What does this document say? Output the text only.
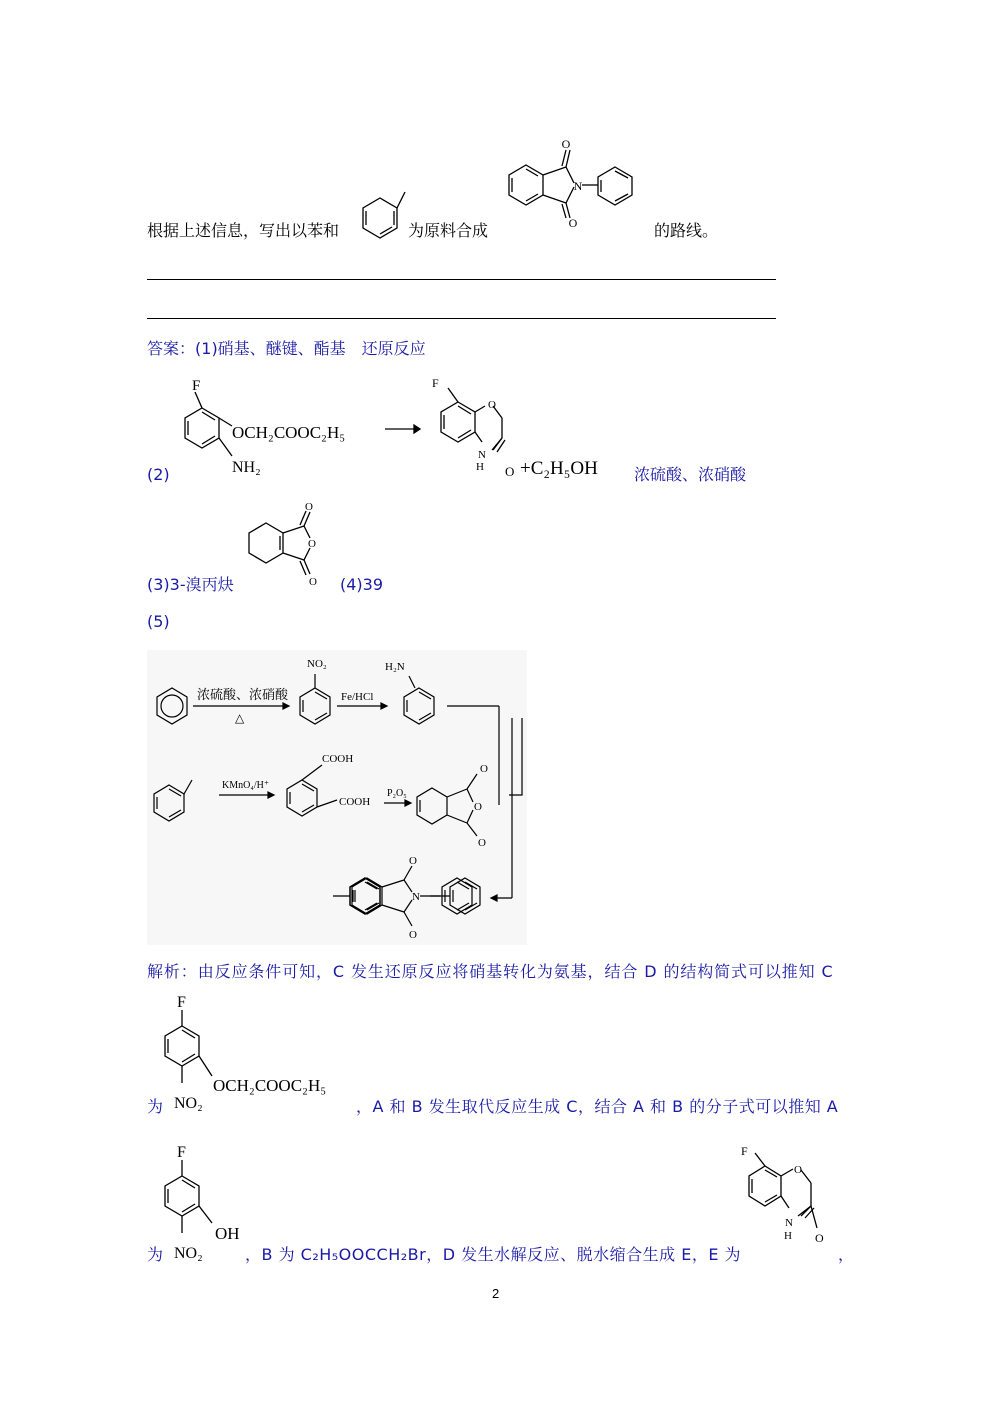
根据上述信息，写出以苯和	为原料合成
O
O
N
的路线。
答案：(1)硝基、醚键、酯基　还原反应
(2)
F
OCH₂COOC₂H₅
NH₂
F
O
N
H O +C₂H₅OH 浓硫酸、浓硝酸
(3)3-溴丙炔
O
O
O (4)39
(5)
浓硫酸、浓硝酸
△
NO₂
Fe/HCl
H₂N
KMnO₄/H⁺
COOH
COOH
P₂O₅
O
O
O
O
N
O
解析：由反应条件可知，C 发生还原反应将硝基转化为氨基，结合 D 的结构简式可以推知 C
为
F
OCH₂COOC₂H₅
NO₂	，A 和 B 发生取代反应生成 C，结合 A 和 B 的分子式可以推知 A
为
F
OH
NO₂	，B 为 C₂H₅OOCCH₂Br，D 发生水解反应、脱水缩合生成 E，E 为
F
O
N
H O
，
2
